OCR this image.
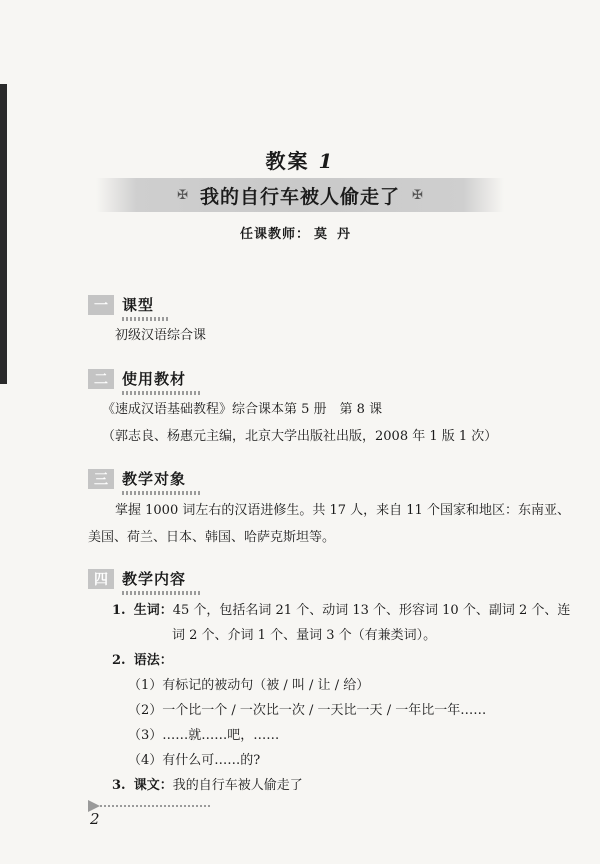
教案 1
✠ 我的自行车被人偷走了 ✠
任课教师： 莫丹
一 课型
初级汉语综合课
二 使用教材
《速成汉语基础教程》综合课本第 5 册　第 8 课
（郭志良、杨惠元主编，北京大学出版社出版，2008 年 1 版 1 次）
三 教学对象
掌握 1000 词左右的汉语进修生。共 17 人，来自 11 个国家和地区：东南亚、
美国、荷兰、日本、韩国、哈萨克斯坦等。
四 教学内容
1. 生词：45 个，包括名词 21 个、动词 13 个、形容词 10 个、副词 2 个、连
词 2 个、介词 1 个、量词 3 个（有兼类词）。
2. 语法：
（1）有标记的被动句（被 / 叫 / 让 / 给）
（2）一个比一个 / 一次比一次 / 一天比一天 / 一年比一年……
（3）……就……吧，……
（4）有什么可……的?
3. 课文：我的自行车被人偷走了
2
